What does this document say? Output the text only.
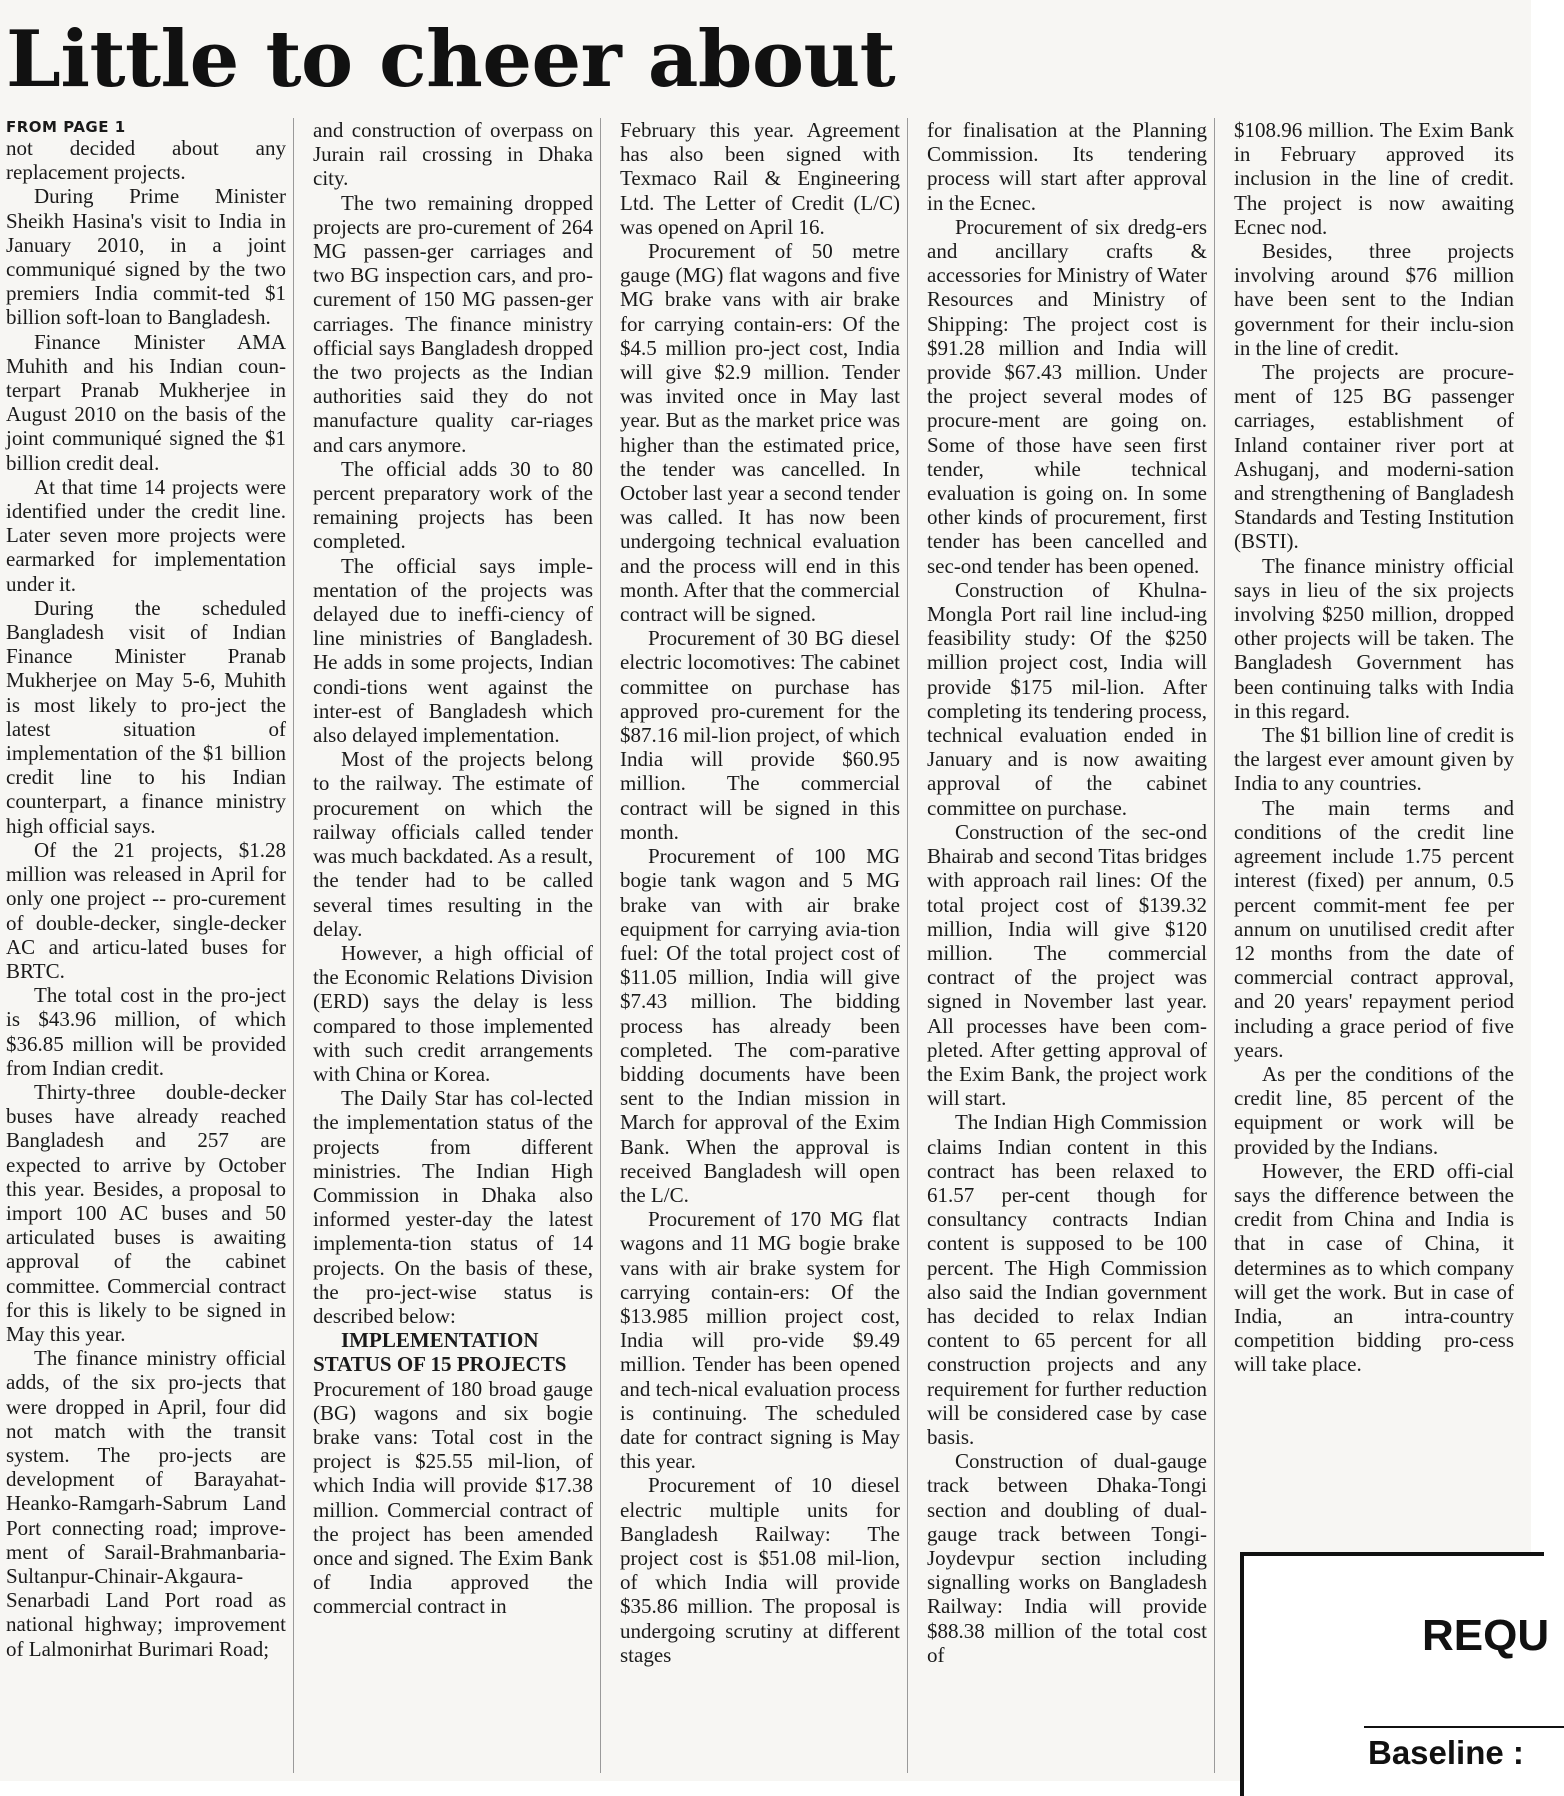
Little to cheer about
FROM PAGE 1

not decided about any replacement projects.

During Prime Minister Sheikh Hasina's visit to India in January 2010, in a joint communiqué signed by the two premiers India commit-ted $1 billion soft-loan to Bangladesh.

Finance Minister AMA Muhith and his Indian coun-terpart Pranab Mukherjee in August 2010 on the basis of the joint communiqué signed the $1 billion credit deal.

At that time 14 projects were identified under the credit line. Later seven more projects were earmarked for implementation under it.

During the scheduled Bangladesh visit of Indian Finance Minister Pranab Mukherjee on May 5-6, Muhith is most likely to pro-ject the latest situation of implementation of the $1 billion credit line to his Indian counterpart, a finance ministry high official says.

Of the 21 projects, $1.28 million was released in April for only one project -- pro-curement of double-decker, single-decker AC and articu-lated buses for BRTC.

The total cost in the pro-ject is $43.96 million, of which $36.85 million will be provided from Indian credit.

Thirty-three double-decker buses have already reached Bangladesh and 257 are expected to arrive by October this year. Besides, a proposal to import 100 AC buses and 50 articulated buses is awaiting approval of the cabinet committee. Commercial contract for this is likely to be signed in May this year.

The finance ministry official adds, of the six pro-jects that were dropped in April, four did not match with the transit system. The pro-jects are development of Barayahat-Heanko-Ramgarh-Sabrum Land Port connecting road; improve-ment of Sarail-Brahmanbaria-Sultanpur-Chinair-Akgaura-Senarbadi Land Port road as national highway; improvement of Lalmonirhat Burimari Road;

and construction of overpass on Jurain rail crossing in Dhaka city.

The two remaining dropped projects are pro-curement of 264 MG passen-ger carriages and two BG inspection cars, and pro-curement of 150 MG passen-ger carriages. The finance ministry official says Bangladesh dropped the two projects as the Indian authorities said they do not manufacture quality car-riages and cars anymore.

The official adds 30 to 80 percent preparatory work of the remaining projects has been completed.

The official says imple-mentation of the projects was delayed due to ineffi-ciency of line ministries of Bangladesh. He adds in some projects, Indian condi-tions went against the inter-est of Bangladesh which also delayed implementation.

Most of the projects belong to the railway. The estimate of procurement on which the railway officials called tender was much backdated. As a result, the tender had to be called several times resulting in the delay.

However, a high official of the Economic Relations Division (ERD) says the delay is less compared to those implemented with such credit arrangements with China or Korea.

The Daily Star has col-lected the implementation status of the projects from different ministries. The Indian High Commission in Dhaka also informed yester-day the latest implementa-tion status of 14 projects. On the basis of these, the pro-ject-wise status is described below:

IMPLEMENTATION STATUS OF 15 PROJECTS

Procurement of 180 broad gauge (BG) wagons and six bogie brake vans: Total cost in the project is $25.55 mil-lion, of which India will provide $17.38 million. Commercial contract of the project has been amended once and signed. The Exim Bank of India approved the commercial contract in

February this year. Agreement has also been signed with Texmaco Rail & Engineering Ltd. The Letter of Credit (L/C) was opened on April 16.

Procurement of 50 metre gauge (MG) flat wagons and five MG brake vans with air brake for carrying contain-ers: Of the $4.5 million pro-ject cost, India will give $2.9 million. Tender was invited once in May last year. But as the market price was higher than the estimated price, the tender was cancelled. In October last year a second tender was called. It has now been undergoing technical evaluation and the process will end in this month. After that the commercial contract will be signed.

Procurement of 30 BG diesel electric locomotives: The cabinet committee on purchase has approved pro-curement for the $87.16 mil-lion project, of which India will provide $60.95 million. The commercial contract will be signed in this month.

Procurement of 100 MG bogie tank wagon and 5 MG brake van with air brake equipment for carrying avia-tion fuel: Of the total project cost of $11.05 million, India will give $7.43 million. The bidding process has already been completed. The com-parative bidding documents have been sent to the Indian mission in March for approval of the Exim Bank. When the approval is received Bangladesh will open the L/C.

Procurement of 170 MG flat wagons and 11 MG bogie brake vans with air brake system for carrying contain-ers: Of the $13.985 million project cost, India will pro-vide $9.49 million. Tender has been opened and tech-nical evaluation process is continuing. The scheduled date for contract signing is May this year.

Procurement of 10 diesel electric multiple units for Bangladesh Railway: The project cost is $51.08 mil-lion, of which India will provide $35.86 million. The proposal is undergoing scrutiny at different stages

for finalisation at the Planning Commission. Its tendering process will start after approval in the Ecnec.

Procurement of six dredg-ers and ancillary crafts & accessories for Ministry of Water Resources and Ministry of Shipping: The project cost is $91.28 million and India will provide $67.43 million. Under the project several modes of procure-ment are going on. Some of those have seen first tender, while technical evaluation is going on. In some other kinds of procurement, first tender has been cancelled and sec-ond tender has been opened.

Construction of Khulna-Mongla Port rail line includ-ing feasibility study: Of the $250 million project cost, India will provide $175 mil-lion. After completing its tendering process, technical evaluation ended in January and is now awaiting approval of the cabinet committee on purchase.

Construction of the sec-ond Bhairab and second Titas bridges with approach rail lines: Of the total project cost of $139.32 million, India will give $120 million. The commercial contract of the project was signed in November last year. All processes have been com-pleted. After getting approval of the Exim Bank, the project work will start.

The Indian High Commission claims Indian content in this contract has been relaxed to 61.57 per-cent though for consultancy contracts Indian content is supposed to be 100 percent. The High Commission also said the Indian government has decided to relax Indian content to 65 percent for all construction projects and any requirement for further reduction will be considered case by case basis.

Construction of dual-gauge track between Dhaka-Tongi section and doubling of dual-gauge track between Tongi-Joydevpur section including signalling works on Bangladesh Railway: India will provide $88.38 million of the total cost of

$108.96 million. The Exim Bank in February approved its inclusion in the line of credit. The project is now awaiting Ecnec nod.

Besides, three projects involving around $76 million have been sent to the Indian government for their inclu-sion in the line of credit.

The projects are procure-ment of 125 BG passenger carriages, establishment of Inland container river port at Ashuganj, and moderni-sation and strengthening of Bangladesh Standards and Testing Institution (BSTI).

The finance ministry official says in lieu of the six projects involving $250 million, dropped other projects will be taken. The Bangladesh Government has been continuing talks with India in this regard.

The $1 billion line of credit is the largest ever amount given by India to any countries.

The main terms and conditions of the credit line agreement include 1.75 percent interest (fixed) per annum, 0.5 percent commit-ment fee per annum on unutilised credit after 12 months from the date of commercial contract approval, and 20 years' repayment period including a grace period of five years.

As per the conditions of the credit line, 85 percent of the equipment or work will be provided by the Indians.

However, the ERD offi-cial says the difference between the credit from China and India is that in case of China, it determines as to which company will get the work. But in case of India, an intra-country competition bidding pro-cess will take place.

REQU
Baseline :
